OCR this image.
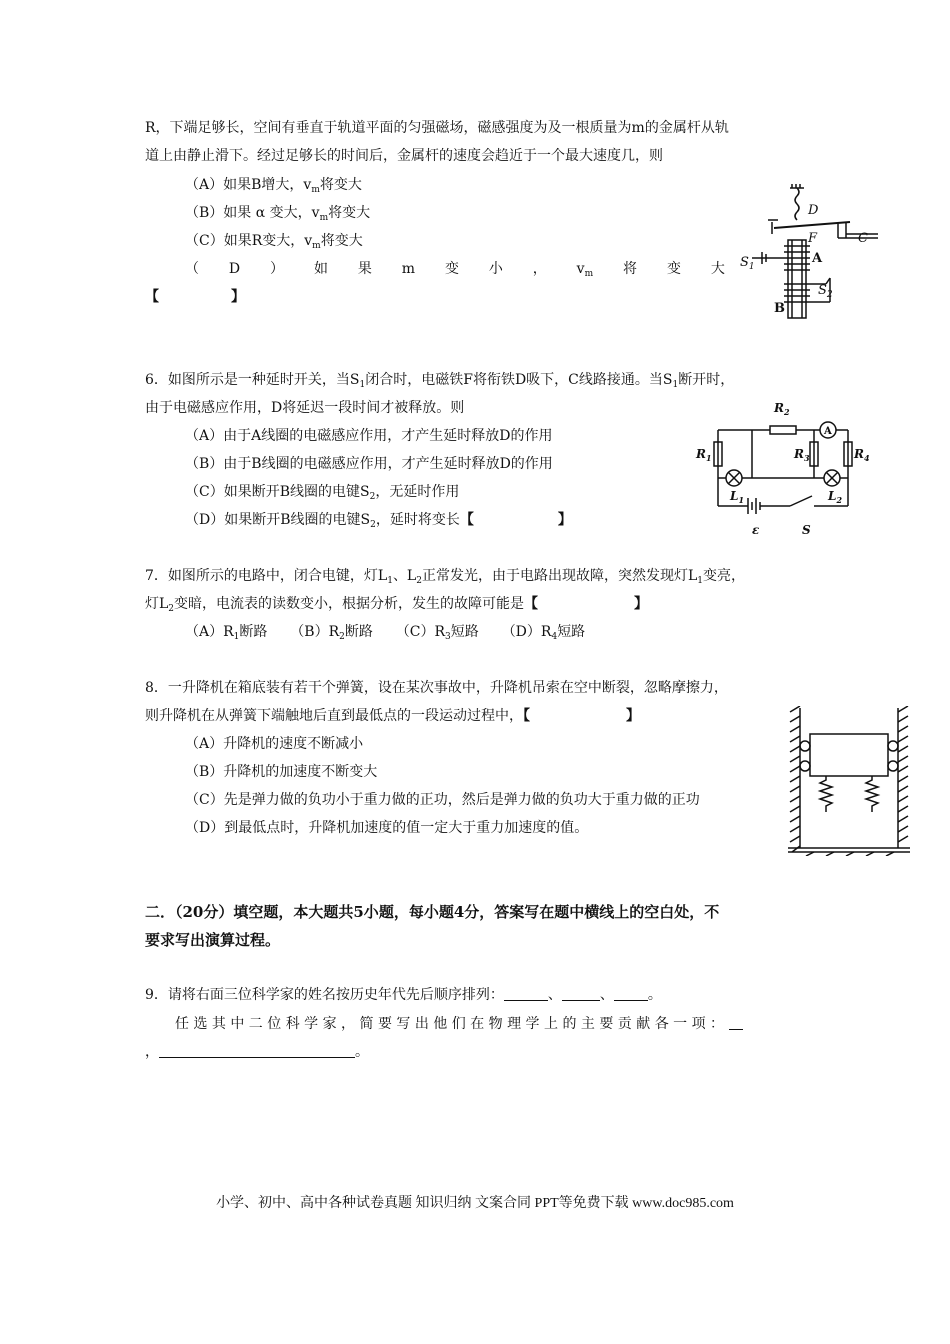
R，下端足够长，空间有垂直于轨道平面的匀强磁场，磁感强度为及一根质量为m的金属杆从轨
道上由静止滑下。经过足够长的时间后，金属杆的速度会趋近于一个最大速度几，则
（A）如果B增大，$v_m$将变大
（B）如果 α 变大，$v_m$将变大
（C）如果R变大，$v_m$将变大
（ D ） 如 果 m 变 小 ， $v_m$ 将 变 大
【	】
D
F	C
$S_1$
A
B
$S_2$
6．如图所示是一种延时开关，当$S_1$闭合时，电磁铁F将衔铁D吸下，C线路接通。当$S_1$断开时，
由于电磁感应作用，D将延迟一段时间才被释放。则
（A）由于A线圈的电磁感应作用，才产生延时释放D的作用
（B）由于B线圈的电磁感应作用，才产生延时释放D的作用
（C）如果断开B线圈的电键$S_2$，无延时作用
（D）如果断开B线圈的电键$S_2$，延时将变长【	】
$R_2$
$R_1$	$R_3$	$R_4$
A
$L_1$	$L_2$
ε	S
7．如图所示的电路中，闭合电键，灯$L_1$、$L_2$正常发光，由于电路出现故障，突然发现灯$L_1$变亮，
灯$L_2$变暗，电流表的读数变小，根据分析，发生的故障可能是【	】
$(A)R_1$断路 $(B)R_2$断路 $(C)R_3$短路 $(D)R_4$短路
8．一升降机在箱底装有若干个弹簧，设在某次事故中，升降机吊索在空中断裂，忽略摩擦力，
则升降机在从弹簧下端触地后直到最低点的一段运动过程中，【	】
（A）升降机的速度不断减小
（B）升降机的加速度不断变大
（C）先是弹力做的负功小于重力做的正功，然后是弹力做的负功大于重力做的正功
（D）到最低点时，升降机加速度的值一定大于重力加速度的值。
二．（20分）填空题，本大题共5小题，每小题4分，答案写在题中横线上的空白处，不
要求写出演算过程。
9．请将右面三位科学家的姓名按历史年代先后顺序排列：	、	、 。
任 选 其 中 二 位 科 学 家 ， 简 要 写 出 他 们 在 物 理 学 上 的 主 要 贡 献 各 一 项 ：
，	。
小学、初中、高中各种试卷真题 知识归纳 文案合同 PPT等免费下载 www.doc985.com
